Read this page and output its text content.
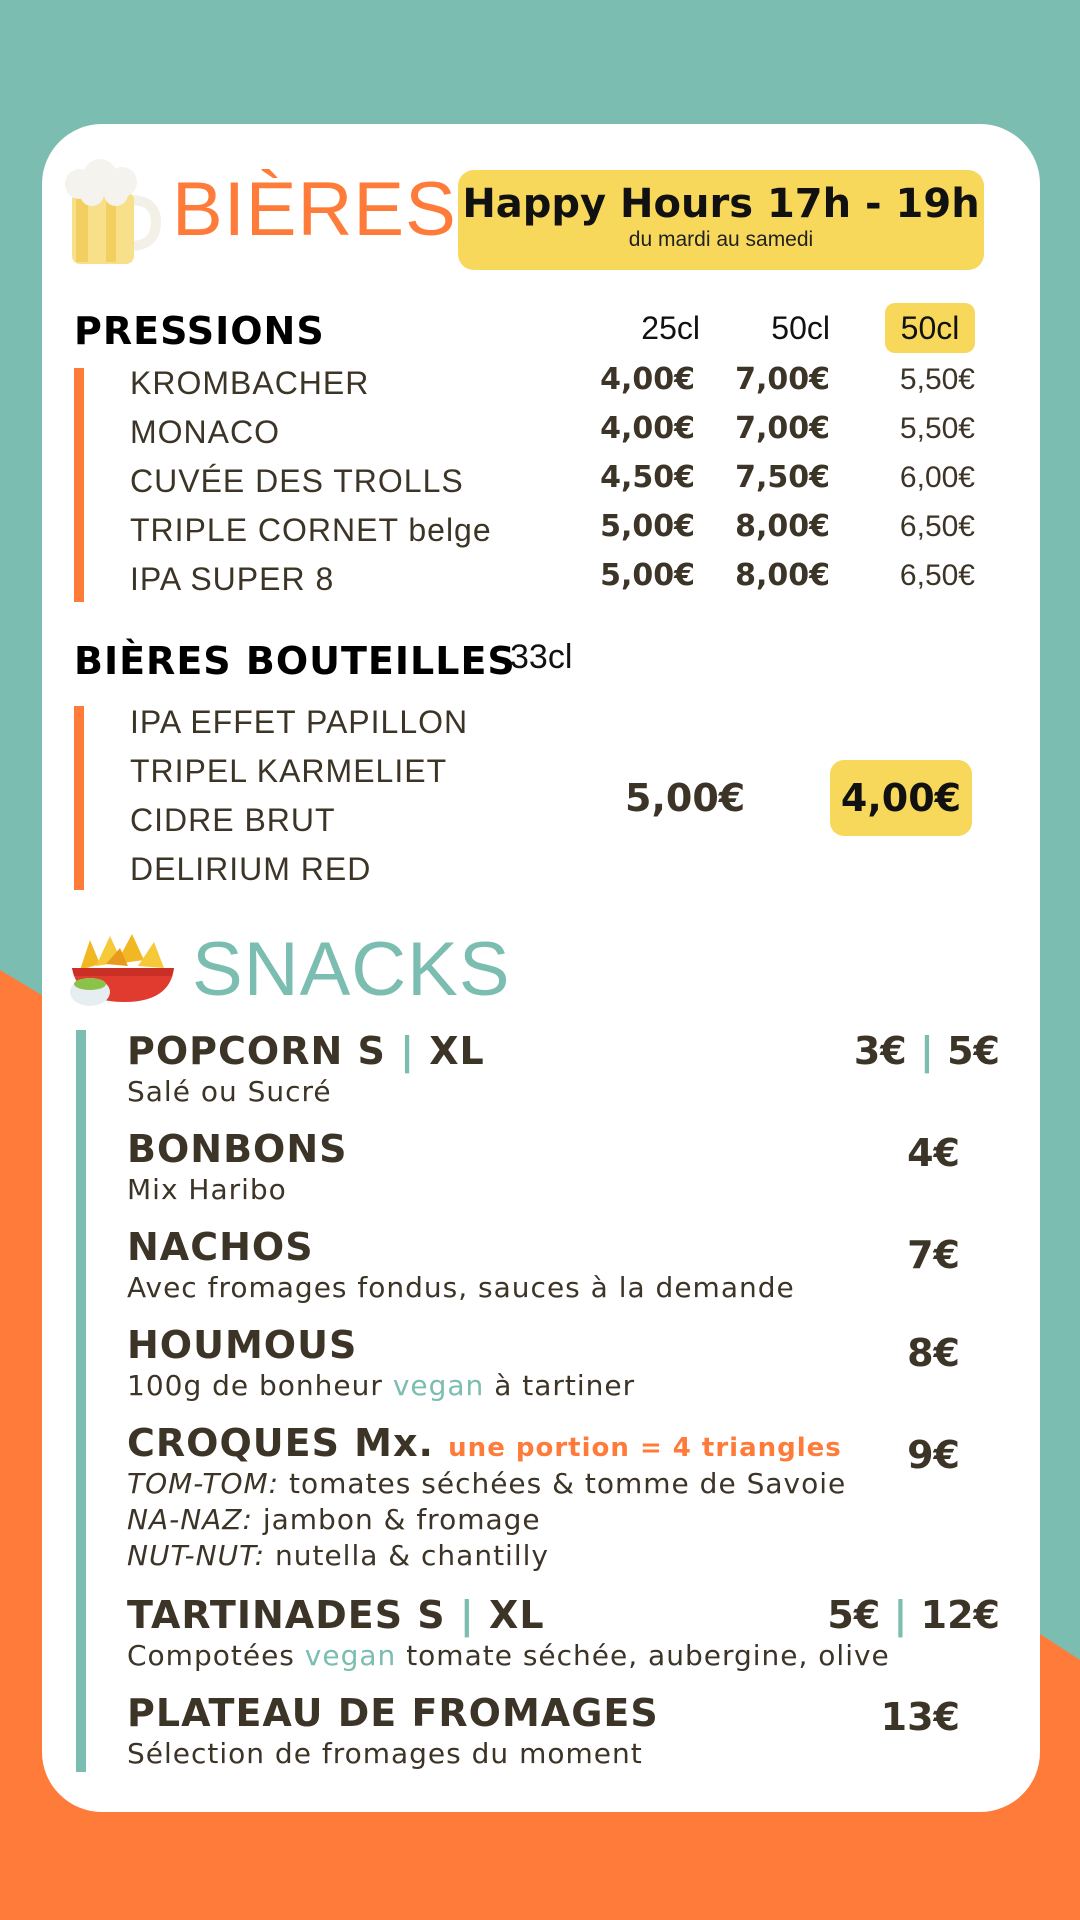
BIÈRES Happy Hours 17h - 19h
du mardi au samedi
PRESSIONS	25cl	50cl	50cl
KROMBACHER	4,00€	7,00€	5,50€
MONACO	4,00€	7,00€	5,50€
CUVÉE DES TROLLS	4,50€	7,50€	6,00€
TRIPLE CORNET belge	5,00€	8,00€	6,50€
IPA SUPER 8	5,00€	8,00€	6,50€
BIÈRES BOUTEILLES
33cl
IPA EFFET PAPILLON
TRIPEL KARMELIET
CIDRE BRUT
DELIRIUM RED
5,00€	4,00€
SNACKS
POPCORN S | XL
Salé ou Sucré
3€ | 5€
BONBONS
Mix Haribo
4€
NACHOS
Avec fromages fondus, sauces à la demande
7€
HOUMOUS
100g de bonheur vegan à tartiner
8€
CROQUES Mx. une portion = 4 triangles
TOM-TOM: tomates séchées & tomme de Savoie
NA-NAZ: jambon & fromage
NUT-NUT: nutella & chantilly
9€
TARTINADES S | XL
Compotées vegan tomate séchée, aubergine, olive
5€ | 12€
PLATEAU DE FROMAGES
Sélection de fromages du moment
13€
